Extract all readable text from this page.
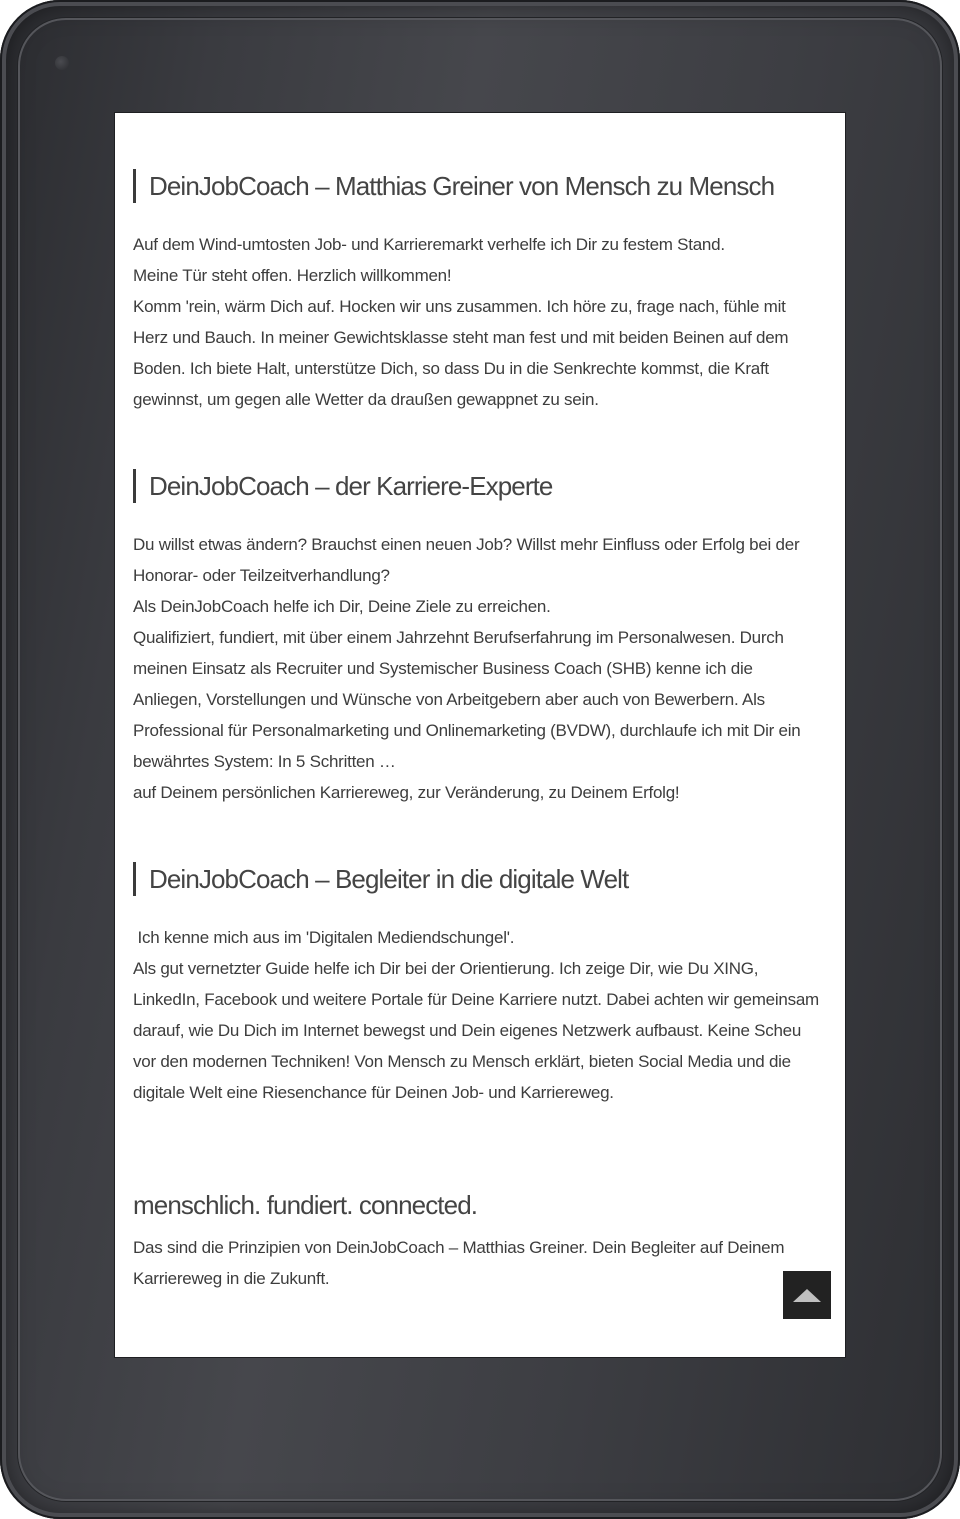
DeinJobCoach – Matthias Greiner von Mensch zu Mensch

Auf dem Wind-umtosten Job- und Karrieremarkt verhelfe ich Dir zu festem Stand.
Meine Tür steht offen. Herzlich willkommen!
Komm 'rein, wärm Dich auf. Hocken wir uns zusammen. Ich höre zu, frage nach, fühle mit Herz und Bauch. In meiner Gewichtsklasse steht man fest und mit beiden Beinen auf dem Boden. Ich biete Halt, unterstütze Dich, so dass Du in die Senkrechte kommst, die Kraft gewinnst, um gegen alle Wetter da draußen gewappnet zu sein.

DeinJobCoach – der Karriere-Experte

Du willst etwas ändern? Brauchst einen neuen Job? Willst mehr Einfluss oder Erfolg bei der Honorar- oder Teilzeitverhandlung?
Als DeinJobCoach helfe ich Dir, Deine Ziele zu erreichen.
Qualifiziert, fundiert, mit über einem Jahrzehnt Berufserfahrung im Personalwesen. Durch meinen Einsatz als Recruiter und Systemischer Business Coach (SHB) kenne ich die Anliegen, Vorstellungen und Wünsche von Arbeitgebern aber auch von Bewerbern. Als Professional für Personalmarketing und Onlinemarketing (BVDW), durchlaufe ich mit Dir ein bewährtes System: In 5 Schritten …
auf Deinem persönlichen Karriereweg, zur Veränderung, zu Deinem Erfolg!

DeinJobCoach – Begleiter in die digitale Welt

Ich kenne mich aus im 'Digitalen Mediendschungel'.
Als gut vernetzter Guide helfe ich Dir bei der Orientierung. Ich zeige Dir, wie Du XING, LinkedIn, Facebook und weitere Portale für Deine Karriere nutzt. Dabei achten wir gemeinsam darauf, wie Du Dich im Internet bewegst und Dein eigenes Netzwerk aufbaust. Keine Scheu vor den modernen Techniken! Von Mensch zu Mensch erklärt, bieten Social Media und die digitale Welt eine Riesenchance für Deinen Job- und Karriereweg.

menschlich. fundiert. connected.

Das sind die Prinzipien von DeinJobCoach – Matthias Greiner. Dein Begleiter auf Deinem Karriereweg in die Zukunft.
